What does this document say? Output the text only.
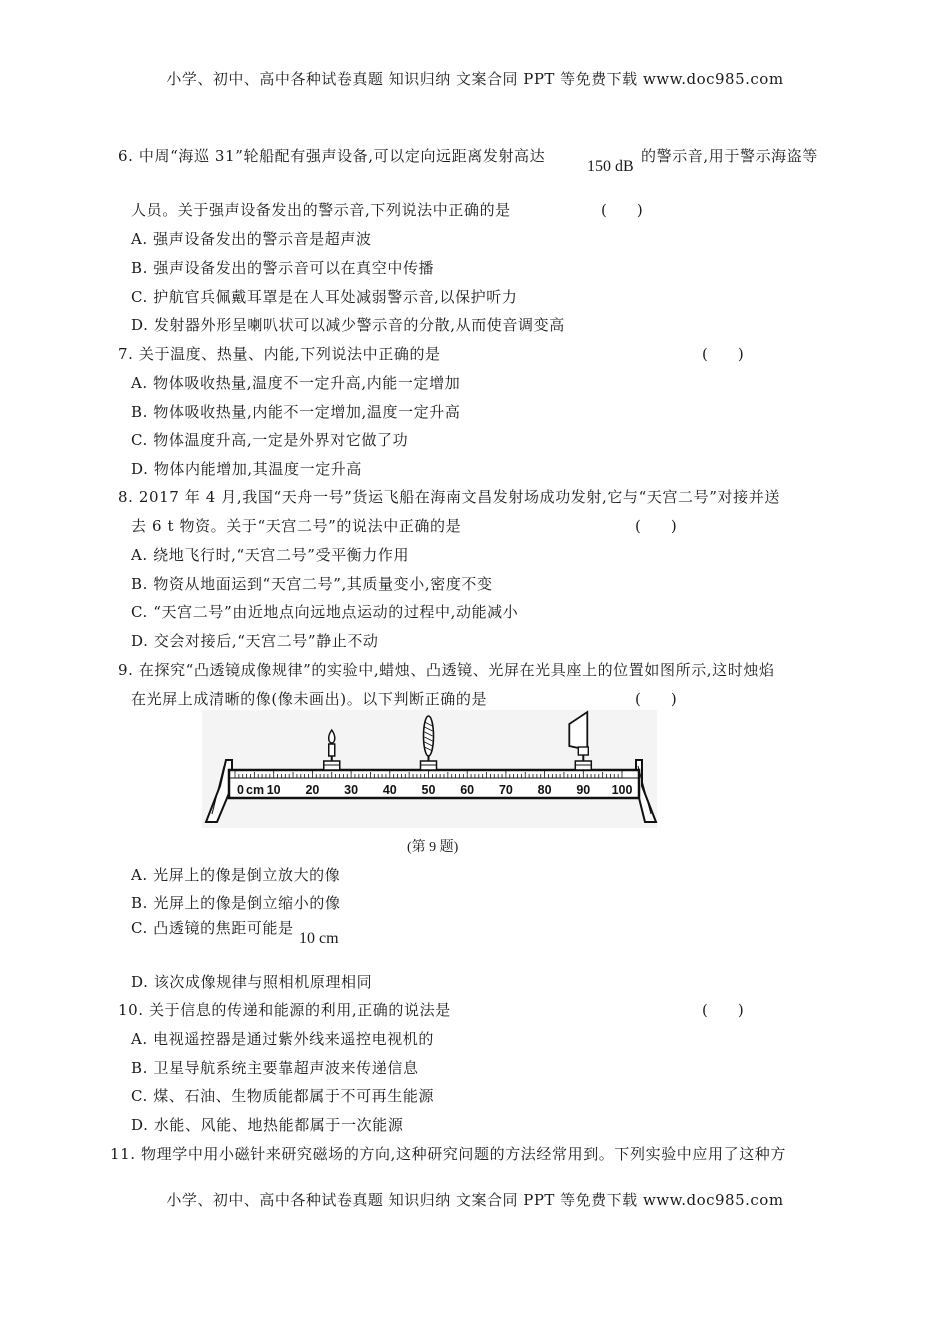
小学、初中、高中各种试卷真题 知识归纳 文案合同 PPT 等免费下载 www.doc985.com
6. 中周“海巡 31”轮船配有强声设备,可以定向远距离发射高达
150 dB
的警示音,用于警示海盗等
人员。关于强声设备发出的警示音,下列说法中正确的是	(　　)
A. 强声设备发出的警示音是超声波
B. 强声设备发出的警示音可以在真空中传播
C. 护航官兵佩戴耳罩是在人耳处减弱警示音,以保护听力
D. 发射器外形呈喇叭状可以减少警示音的分散,从而使音调变高
7. 关于温度、热量、内能,下列说法中正确的是	(　　)
A. 物体吸收热量,温度不一定升高,内能一定增加
B. 物体吸收热量,内能不一定增加,温度一定升高
C. 物体温度升高,一定是外界对它做了功
D. 物体内能增加,其温度一定升高
8. 2017 年 4 月,我国“天舟一号”货运飞船在海南文昌发射场成功发射,它与“天宫二号”对接并送
去 6 t 物资。关于“天宫二号”的说法中正确的是	(　　)
A. 绕地飞行时,“天宫二号”受平衡力作用
B. 物资从地面运到“天宫二号”,其质量变小,密度不变
C. “天宫二号”由近地点向远地点运动的过程中,动能减小
D. 交会对接后,“天宫二号”静止不动
9. 在探究“凸透镜成像规律”的实验中,蜡烛、凸透镜、光屏在光具座上的位置如图所示,这时烛焰
在光屏上成清晰的像(像未画出)。以下判断正确的是	(　　)
0 10 20 30 40 50 60 70 80 90 100
cm
(第 9 题)
A. 光屏上的像是倒立放大的像
B. 光屏上的像是倒立缩小的像
C. 凸透镜的焦距可能是
10 cm
D. 该次成像规律与照相机原理相同
10. 关于信息的传递和能源的利用,正确的说法是	(　　)
A. 电视遥控器是通过紫外线来遥控电视机的
B. 卫星导航系统主要靠超声波来传递信息
C. 煤、石油、生物质能都属于不可再生能源
D. 水能、风能、地热能都属于一次能源
11. 物理学中用小磁针来研究磁场的方向,这种研究问题的方法经常用到。下列实验中应用了这种方
小学、初中、高中各种试卷真题 知识归纳 文案合同 PPT 等免费下载 www.doc985.com
